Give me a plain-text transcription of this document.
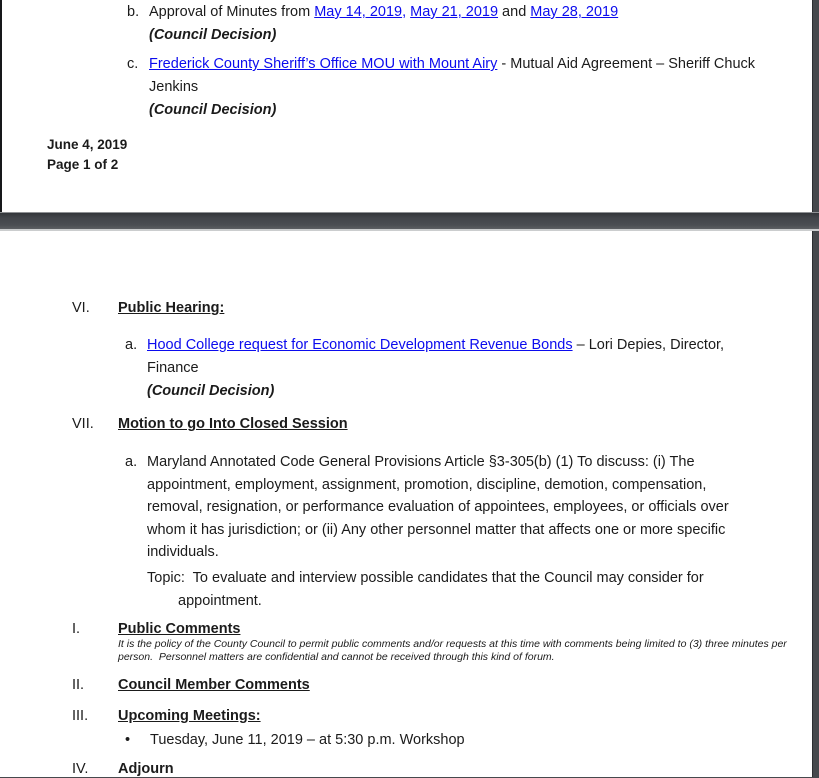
b. Approval of Minutes from May 14, 2019, May 21, 2019 and May 28, 2019
(Council Decision)
c. Frederick County Sheriff’s Office MOU with Mount Airy - Mutual Aid Agreement – Sheriff Chuck
Jenkins
(Council Decision)
June 4, 2019
Page 1 of 2
VI. Public Hearing:
a. Hood College request for Economic Development Revenue Bonds – Lori Depies, Director,
Finance
(Council Decision)
VII. Motion to go Into Closed Session
a. Maryland Annotated Code General Provisions Article §3-305(b) (1) To discuss: (i) The
appointment, employment, assignment, promotion, discipline, demotion, compensation,
removal, resignation, or performance evaluation of appointees, employees, or officials over
whom it has jurisdiction; or (ii) Any other personnel matter that affects one or more specific
individuals.
Topic:  To evaluate and interview possible candidates that the Council may consider for
appointment.
I.	Public Comments
It is the policy of the County Council to permit public comments and/or requests at this time with comments being limited to (3) three minutes per
person.  Personnel matters are confidential and cannot be received through this kind of forum.
II. Council Member Comments
III. Upcoming Meetings:
• Tuesday, June 11, 2019 – at 5:30 p.m. Workshop
IV. Adjourn
